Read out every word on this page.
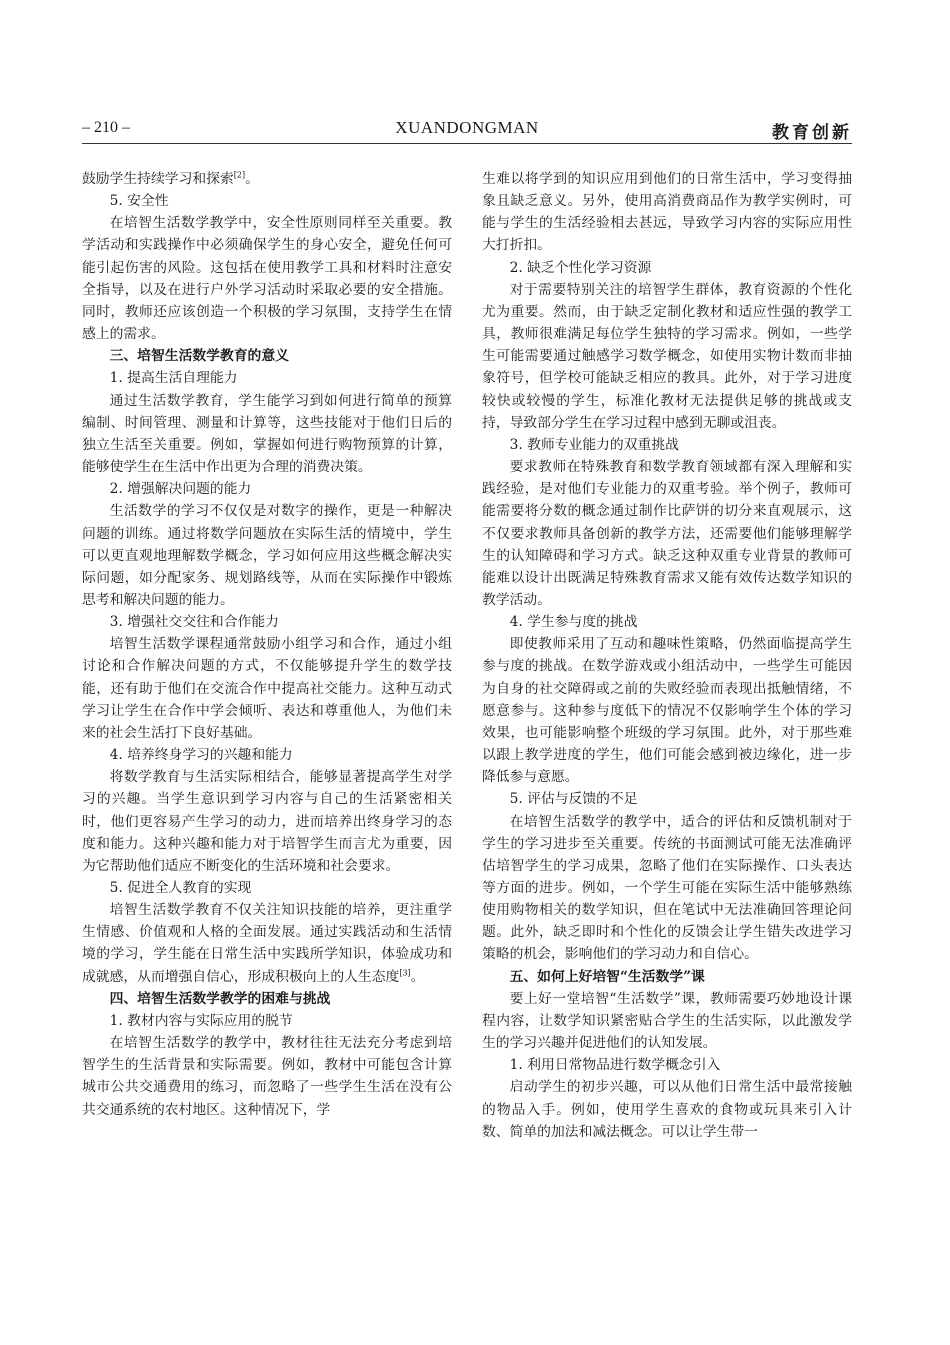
– 210 –	XUANDONGMAN	教育创新

鼓励学生持续学习和探索[2]。

5. 安全性

在培智生活数学教学中，安全性原则同样至关重要。教学活动和实践操作中必须确保学生的身心安全，避免任何可能引起伤害的风险。这包括在使用教学工具和材料时注意安全指导，以及在进行户外学习活动时采取必要的安全措施。同时，教师还应该创造一个积极的学习氛围，支持学生在情感上的需求。

三、培智生活数学教育的意义
1. 提高生活自理能力

通过生活数学教育，学生能学习到如何进行简单的预算编制、时间管理、测量和计算等，这些技能对于他们日后的独立生活至关重要。例如，掌握如何进行购物预算的计算，能够使学生在生活中作出更为合理的消费决策。

2. 增强解决问题的能力

生活数学的学习不仅仅是对数字的操作，更是一种解决问题的训练。通过将数学问题放在实际生活的情境中，学生可以更直观地理解数学概念，学习如何应用这些概念解决实际问题，如分配家务、规划路线等，从而在实际操作中锻炼思考和解决问题的能力。

3. 增强社交交往和合作能力

培智生活数学课程通常鼓励小组学习和合作，通过小组讨论和合作解决问题的方式，不仅能够提升学生的数学技能，还有助于他们在交流合作中提高社交能力。这种互动式学习让学生在合作中学会倾听、表达和尊重他人，为他们未来的社会生活打下良好基础。

4. 培养终身学习的兴趣和能力

将数学教育与生活实际相结合，能够显著提高学生对学习的兴趣。当学生意识到学习内容与自己的生活紧密相关时，他们更容易产生学习的动力，进而培养出终身学习的态度和能力。这种兴趣和能力对于培智学生而言尤为重要，因为它帮助他们适应不断变化的生活环境和社会要求。

5. 促进全人教育的实现

培智生活数学教育不仅关注知识技能的培养，更注重学生情感、价值观和人格的全面发展。通过实践活动和生活情境的学习，学生能在日常生活中实践所学知识，体验成功和成就感，从而增强自信心，形成积极向上的人生态度[3]。

四、培智生活数学教学的困难与挑战
1. 教材内容与实际应用的脱节

在培智生活数学的教学中，教材往往无法充分考虑到培智学生的生活背景和实际需要。例如，教材中可能包含计算城市公共交通费用的练习，而忽略了一些学生生活在没有公共交通系统的农村地区。这种情况下，学

生难以将学到的知识应用到他们的日常生活中，学习变得抽象且缺乏意义。另外，使用高消费商品作为教学实例时，可能与学生的生活经验相去甚远，导致学习内容的实际应用性大打折扣。

2. 缺乏个性化学习资源

对于需要特别关注的培智学生群体，教育资源的个性化尤为重要。然而，由于缺乏定制化教材和适应性强的教学工具，教师很难满足每位学生独特的学习需求。例如，一些学生可能需要通过触感学习数学概念，如使用实物计数而非抽象符号，但学校可能缺乏相应的教具。此外，对于学习进度较快或较慢的学生，标准化教材无法提供足够的挑战或支持，导致部分学生在学习过程中感到无聊或沮丧。

3. 教师专业能力的双重挑战

要求教师在特殊教育和数学教育领域都有深入理解和实践经验，是对他们专业能力的双重考验。举个例子，教师可能需要将分数的概念通过制作比萨饼的切分来直观展示，这不仅要求教师具备创新的教学方法，还需要他们能够理解学生的认知障碍和学习方式。缺乏这种双重专业背景的教师可能难以设计出既满足特殊教育需求又能有效传达数学知识的教学活动。

4. 学生参与度的挑战

即使教师采用了互动和趣味性策略，仍然面临提高学生参与度的挑战。在数学游戏或小组活动中，一些学生可能因为自身的社交障碍或之前的失败经验而表现出抵触情绪，不愿意参与。这种参与度低下的情况不仅影响学生个体的学习效果，也可能影响整个班级的学习氛围。此外，对于那些难以跟上教学进度的学生，他们可能会感到被边缘化，进一步降低参与意愿。

5. 评估与反馈的不足

在培智生活数学的教学中，适合的评估和反馈机制对于学生的学习进步至关重要。传统的书面测试可能无法准确评估培智学生的学习成果，忽略了他们在实际操作、口头表达等方面的进步。例如，一个学生可能在实际生活中能够熟练使用购物相关的数学知识，但在笔试中无法准确回答理论问题。此外，缺乏即时和个性化的反馈会让学生错失改进学习策略的机会，影响他们的学习动力和自信心。

五、如何上好培智“生活数学”课

要上好一堂培智“生活数学”课，教师需要巧妙地设计课程内容，让数学知识紧密贴合学生的生活实际，以此激发学生的学习兴趣并促进他们的认知发展。

1. 利用日常物品进行数学概念引入

启动学生的初步兴趣，可以从他们日常生活中最常接触的物品入手。例如，使用学生喜欢的食物或玩具来引入计数、简单的加法和减法概念。可以让学生带一
